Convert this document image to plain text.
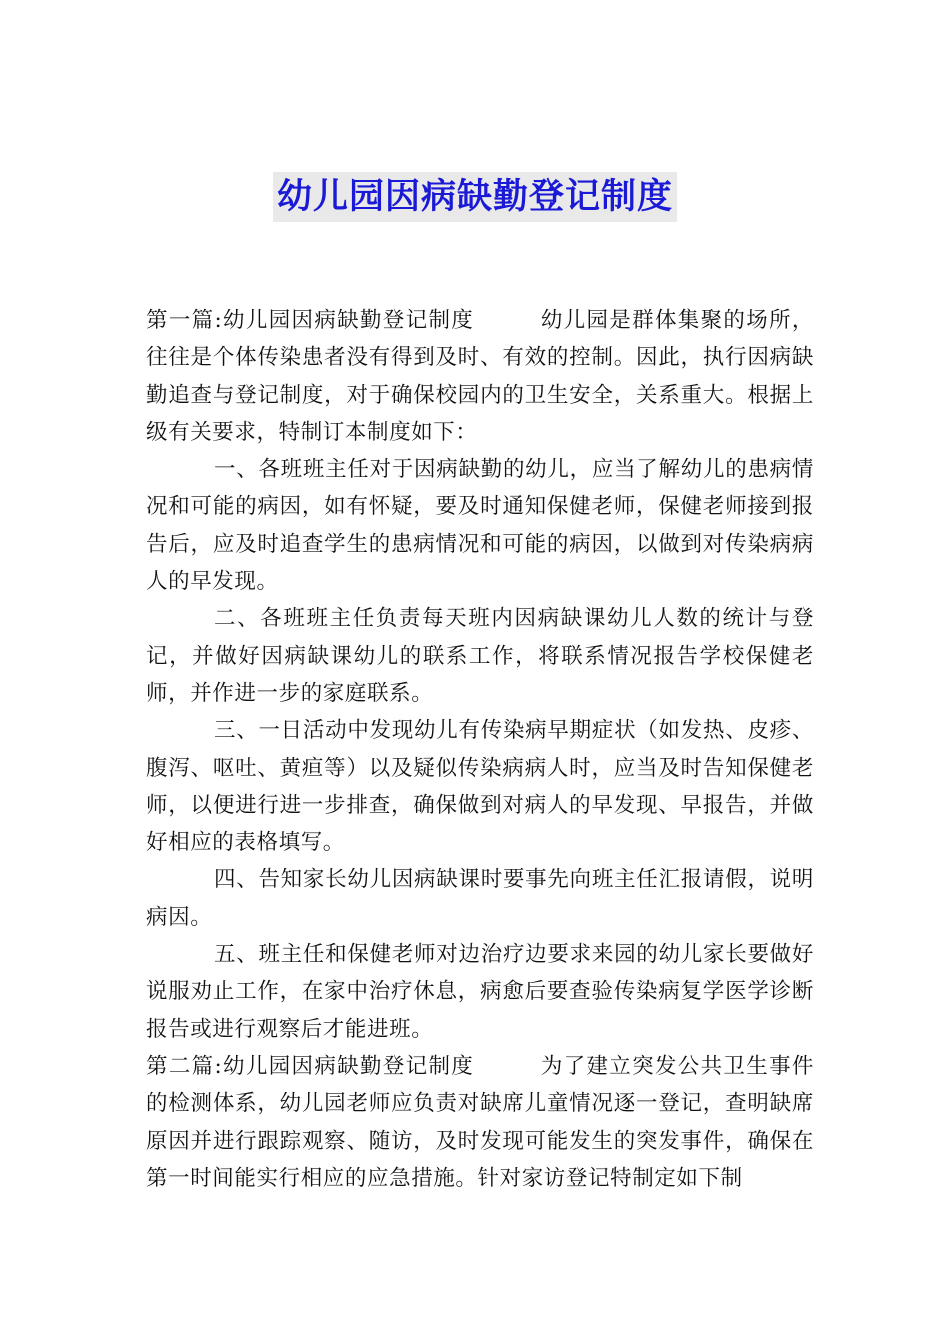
幼儿园因病缺勤登记制度

第一篇:幼儿园因病缺勤登记制度	幼儿园是群体集聚的场所，往往是个体传染患者没有得到及时、有效的控制。因此，执行因病缺勤追查与登记制度，对于确保校园内的卫生安全，关系重大。根据上级有关要求，特制订本制度如下：

一、各班班主任对于因病缺勤的幼儿，应当了解幼儿的患病情况和可能的病因，如有怀疑，要及时通知保健老师，保健老师接到报告后，应及时追查学生的患病情况和可能的病因，以做到对传染病病人的早发现。

二、各班班主任负责每天班内因病缺课幼儿人数的统计与登记，并做好因病缺课幼儿的联系工作，将联系情况报告学校保健老师，并作进一步的家庭联系。

三、一日活动中发现幼儿有传染病早期症状（如发热、皮疹、腹泻、呕吐、黄疸等）以及疑似传染病病人时，应当及时告知保健老师，以便进行进一步排查，确保做到对病人的早发现、早报告，并做好相应的表格填写。

四、告知家长幼儿因病缺课时要事先向班主任汇报请假，说明病因。

五、班主任和保健老师对边治疗边要求来园的幼儿家长要做好说服劝止工作，在家中治疗休息，病愈后要查验传染病复学医学诊断报告或进行观察后才能进班。

第二篇:幼儿园因病缺勤登记制度	为了建立突发公共卫生事件的检测体系，幼儿园老师应负责对缺席儿童情况逐一登记，查明缺席原因并进行跟踪观察、随访，及时发现可能发生的突发事件，确保在第一时间能实行相应的应急措施。针对家访登记特制定如下制
